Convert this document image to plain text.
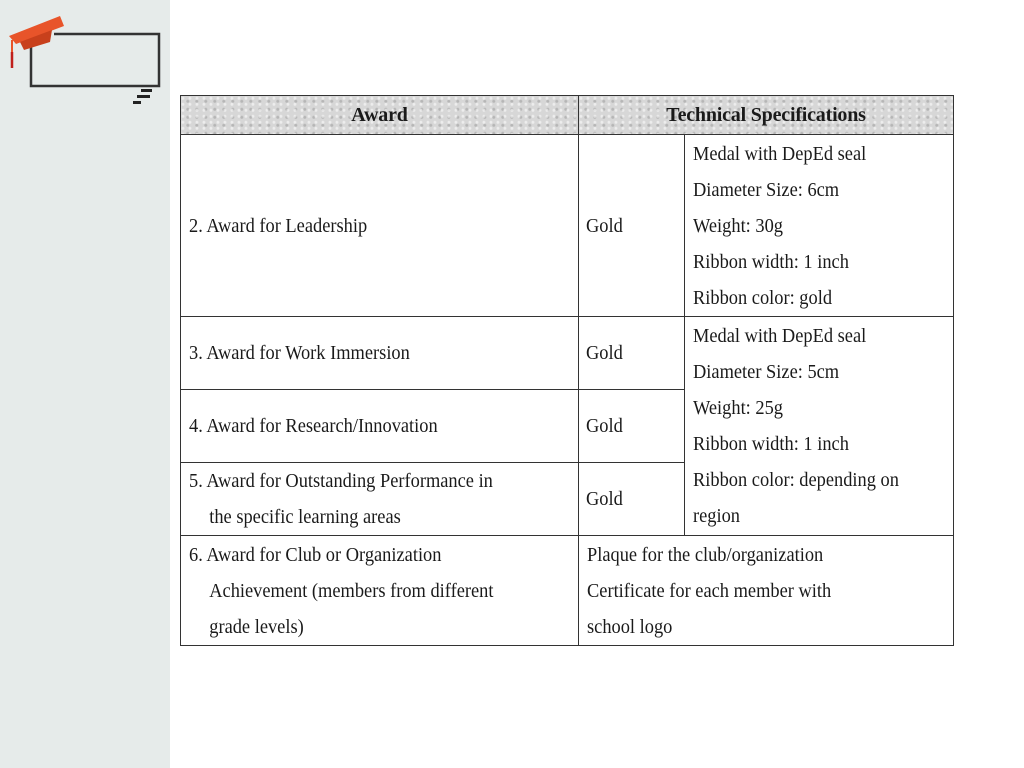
Award	Technical Specifications	
2. Award for Leadership	Gold	Medal with DepEd seal Diameter Size: 6cm Weight: 30g Ribbon width: 1 inch Ribbon color: gold
3. Award for Work Immersion	Gold	Medal with DepEd seal Diameter Size: 5cm Weight: 25g Ribbon width: 1 inch Ribbon color: depending on region
4. Award for Research/Innovation	Gold	
5. Award for Outstanding Performance in the specific learning areas	Gold	
6. Award for Club or Organization Achievement (members from different grade levels)	Plaque for the club/organization Certificate for each member with school logo	
